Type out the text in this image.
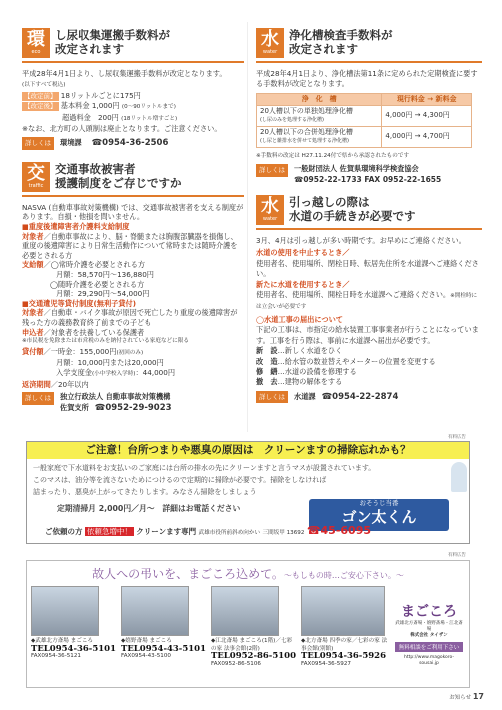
環
eco
し尿収集運搬手数料が
改定されます
平成28年4月1日より、し尿収集運搬手数料が改定となります。
(以下すべて税込)
【改定前】 18リットルごとに175円
【改定後】 基本料金 1,000円 (0〜90リットルまで)
超過料金　200円 (18リットル増すごと)
※なお、北方町の人頭制は廃止となります。ご注意ください。
詳しくは	環境課 ☎0954-36-2506
交
traffic
交通事故被害者
援護制度をご存じですか
NASVA (自動車事故対策機構) では、交通事故被害者を支える制度があります。自損・他損を問いません。
■重度後遺障害者介護料支給制度
対象者／自動車事故により、脳・脊髄または胸腹部臓器を損傷し、重度の後遺障害により日常生活動作について常時または随時介護を必要とされる方
支給額／◯常時介護を必要とされる方
月額：58,570円〜136,880円
◯随時介護を必要とされる方
月額：29,290円〜54,000円
■交通遺児等貸付制度(無利子貸付)
対象者／自動車・バイク事故が原因で死亡したり重度の後遺障害が残った方の義務教育終了前までの子ども
申込者／対象者を扶養している保護者
※市民税を免除または市営税のみを納付されている家庭などに限る
貸付額／一時金：155,000円(初回のみ)
月額：10,000円または20,000円
入学支度金(小中学校入学時)：44,000円
返済期間／20年以内
詳しくは	独立行政法人 自動車事故対策機構
佐賀支所 ☎0952-29-9023
水
water
浄化槽検査手数料が
改定されます
平成28年4月1日より、浄化槽法第11条に定められた定期検査に要する手数料が改定となります。
浄　化　槽	現行料金 → 新料金

20人槽以下の単独処理浄化槽
(し尿のみを処理する浄化槽)	4,000円 → 4,300円

20人槽以下の合併処理浄化槽
(し尿と雑排水を併せて処理する浄化槽)	4,000円 → 4,700円
※手数料の改定は H27.11.24付で県から承認されたものです
詳しくは	一般財団法人 佐賀県環境科学検査協会
☎0952-22-1733 FAX 0952-22-1655
水
water
引っ越しの際は
水道の手続きが必要です
3月、4月は引っ越しが多い時期です。お早めにご連絡ください。
水道の使用を中止するとき／
使用者名、使用場所、閉栓日時、転居先住所を水道課へご連絡ください。
新たに水道を使用するとき／
使用者名、使用場所、開栓日時を水道課へご連絡ください。※開栓時には立会いが必要です
◯水道工事の届出について
下記の工事は、市指定の給水装置工事事業者が行うことになっています。工事を行う際は、事前に水道課へ届出が必要です。
新　設…新しく水道をひく
改　造…給水管の数並替えやメーターの位置を変更する
修　繕…水道の設備を修理する
撤　去…建物の解体をする
詳しくは	水道課 ☎0954-22-2874
有料広告
ご注意！台所つまりや悪臭の原因は　クリーンますの掃除忘れかも？
一般家庭で下水道料をお支払いのご家庭には台所の排水の先にクリーンますと言うマスが設置されています。
このマスは、油分等を流さないためにつけるので定期的に掃除が必要です。掃除をしなければ
詰まったり、悪臭が上がってきたりします。みなさん掃除をしましょう
おそうじ当番
ゴン太くん
定期清掃月 2,000円／月〜　詳細はお電話ください
ご依頼の方 依頼急増中！ クリーンます専門 武雄市役所前斜め向かい 三間坂甲 13692 ☎45-6095
有料広告
故人への弔いを、まごころ込めて。〜もしもの時…ご安心下さい。〜
◆武雄北方斎場 まごころ
TEL0954-36-5101
FAX0954-36-5121
◆嬉野斎場 まごころ
TEL0954-43-5101
FAX0954-43-5100
◆江北斎場 まごころ(1階)／七彩の家 法事会館(2階)
TEL0952-86-5100
FAX0952-86-5106
◆北方斎場 四季の家／七彩の家 法事会館(別館)
TEL0954-36-5926
FAX0954-36-5927
まごころ
武雄北方斎場・嬉野斎場・江北斎場
株式会社 タイザン
無料相談をご利用下さい
http://www.magokoro-sousai.jp
お知らせ 17
